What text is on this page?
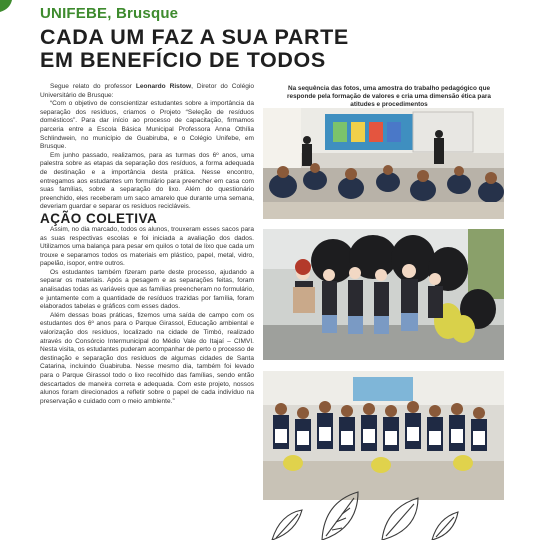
UNIFEBE, Brusque
CADA UM FAZ A SUA PARTE
EM BENEFÍCIO DE TODOS

Segue relato do professor Leonardo Ristow, Diretor do Colégio Universitário de Brusque:

“Com o objetivo de conscientizar estudantes sobre a importância da separação dos resíduos, criamos o Projeto “Seleção de resíduos domésticos”. Para dar início ao processo de capacitação, firmamos parceria entre a Escola Básica Municipal Professora Anna Othília Schlindwein, no município de Guabiruba, e o Colégio Unifebe, em Brusque.

Em junho passado, realizamos, para as turmas dos 6º anos, uma palestra sobre as etapas da separação dos resíduos, a forma adequada de destinação e a importância desta prática. Nesse encontro, entregamos aos estudantes um formulário para preencher em casa com suas famílias, sobre a separação do lixo. Além do questionário preenchido, eles receberam um saco amarelo que durante uma semana, deveriam guardar e separar os resíduos recicláveis.

AÇÃO COLETIVA

Assim, no dia marcado, todos os alunos, trouxeram esses sacos para as suas respectivas escolas e foi iniciada a avaliação dos dados. Utilizamos uma balança para pesar em quilos o total de lixo que cada um trouxe e separamos todos os materiais em plástico, papel, metal, vidro, papelão, isopor, entre outros.

Os estudantes também fizeram parte deste processo, ajudando a separar os materiais. Após a pesagem e as separações feitas, foram analisadas todas as variáveis que as famílias preencheram no formulário, e juntamente com a quantidade de resíduos trazidas por família, foram elaborados tabelas e gráficos com esses dados.

Além dessas boas práticas, fizemos uma saída de campo com os estudantes dos 6º anos para o Parque Girassol, Educação ambiental e valorização dos resíduos, localizado na cidade de Timbó, realizado através do Consórcio Intermunicipal do Médio Vale do Itajaí – CIMVI. Nesta visita, os estudantes puderam acompanhar de perto o processo de destinação e separação dos resíduos de algumas cidades de Santa Catarina, incluindo Guabiruba. Nesse mesmo dia, também foi levado para o Parque Girassol todo o lixo recolhido das famílias, sendo então descartados de maneira correta e adequada. Com este projeto, nossos alunos foram direcionados a refletir sobre o papel de cada indivíduo na preservação e cuidado com o meio ambiente.”

Na sequência das fotos, uma amostra do trabalho pedagógico que responde pela formação de valores e cria uma dimensão ética para atitudes e procedimentos
